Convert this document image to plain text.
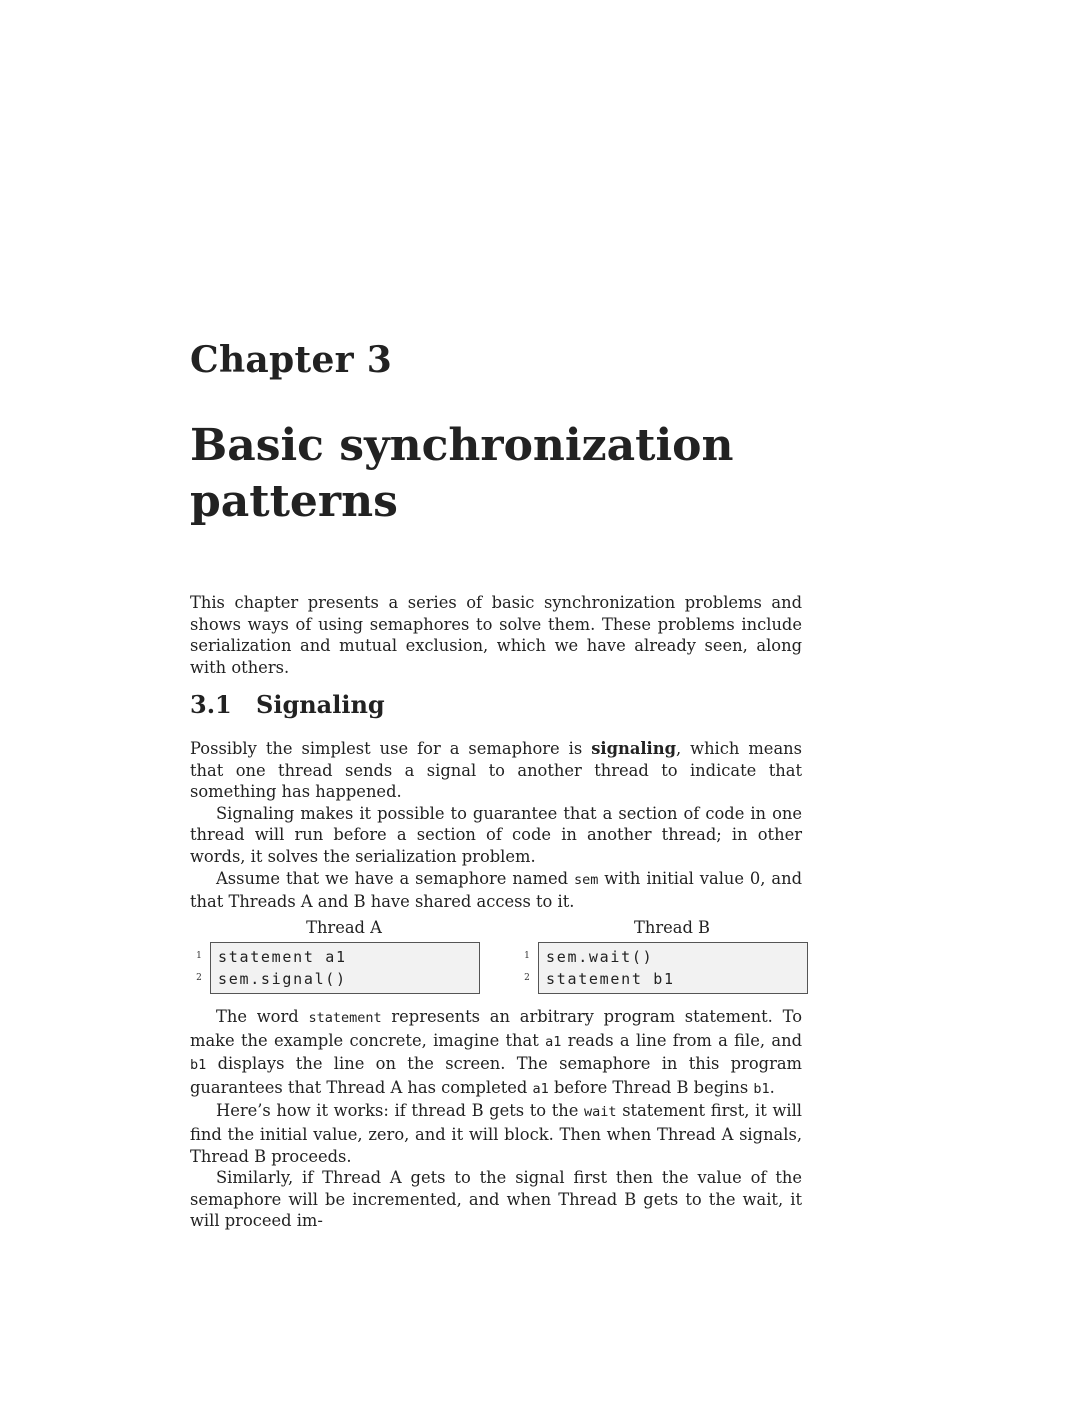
Chapter 3
Basic synchronization patterns

This chapter presents a series of basic synchronization problems and shows ways of using semaphores to solve them. These problems include serialization and mutual exclusion, which we have already seen, along with others.

3.1 Signaling

Possibly the simplest use for a semaphore is signaling, which means that one thread sends a signal to another thread to indicate that something has happened.

Signaling makes it possible to guarantee that a section of code in one thread will run before a section of code in another thread; in other words, it solves the serialization problem.

Assume that we have a semaphore named sem with initial value 0, and that Threads A and B have shared access to it.

Thread A

1 statement a1
2 sem.signal()

Thread B

1 sem.wait()
2 statement b1

The word statement represents an arbitrary program statement. To make the example concrete, imagine that a1 reads a line from a file, and b1 displays the line on the screen. The semaphore in this program guarantees that Thread A has completed a1 before Thread B begins b1.

Here’s how it works: if thread B gets to the wait statement first, it will find the initial value, zero, and it will block. Then when Thread A signals, Thread B proceeds.

Similarly, if Thread A gets to the signal first then the value of the semaphore will be incremented, and when Thread B gets to the wait, it will proceed im-
